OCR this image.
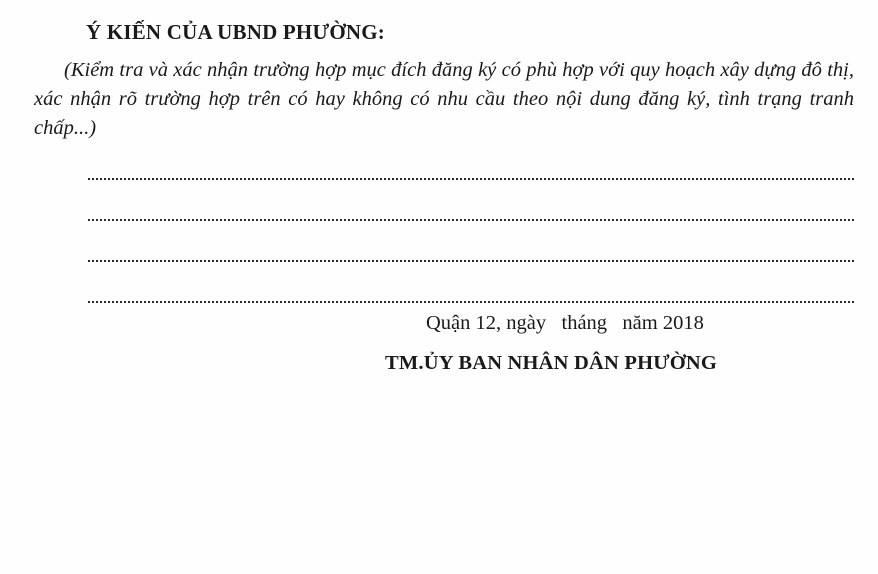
Ý KIẾN CỦA UBND PHƯỜNG:

(Kiểm tra và xác nhận trường hợp mục đích đăng ký có phù hợp với quy hoạch xây dựng đô thị, xác nhận rõ trường hợp trên có hay không có nhu cầu theo nội dung đăng ký, tình trạng tranh chấp...)

Quận 12, ngày   tháng   năm 2018

TM.ỦY BAN NHÂN DÂN PHƯỜNG
